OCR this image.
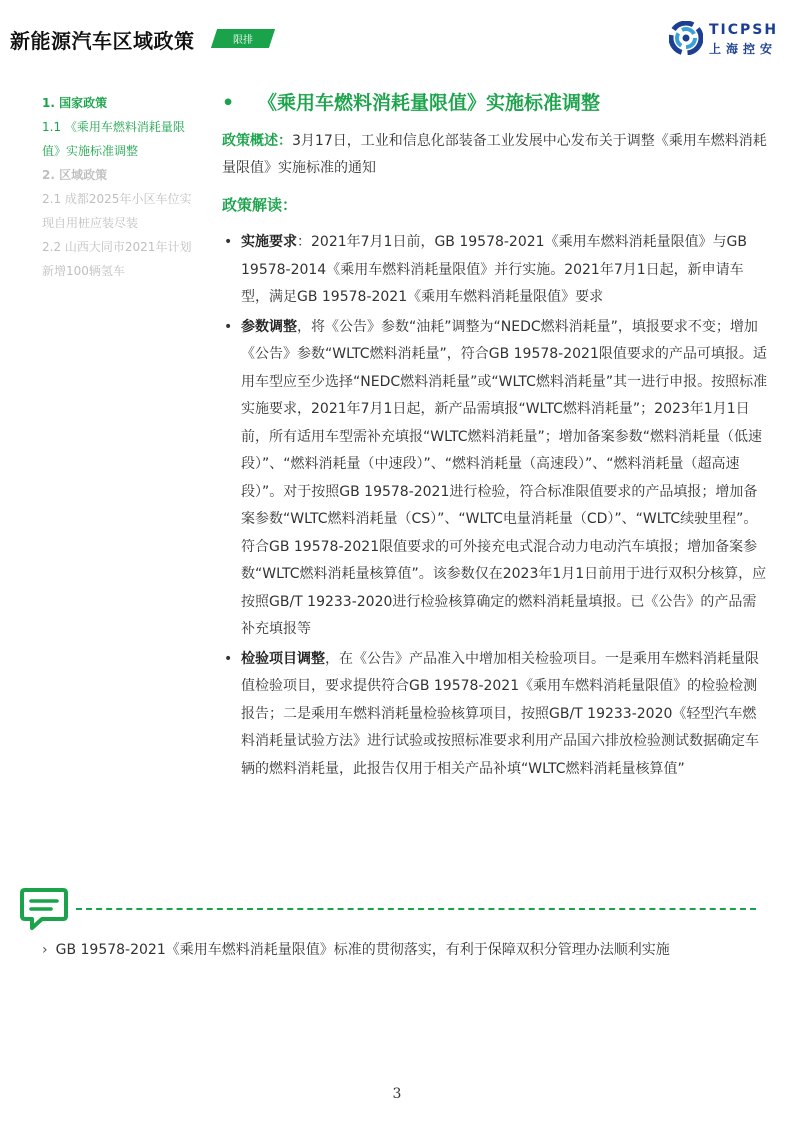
新能源汽车区域政策	限排
TICPSH
上海控安
1. 国家政策
1.1 《乘用车燃料消耗量限值》实施标准调整
2. 区域政策
2.1 成都2025年小区车位实现自用桩应装尽装
2.2 山西大同市2021年计划新增100辆氢车
• 《乘用车燃料消耗量限值》实施标准调整
政策概述：3月17日，工业和信息化部装备工业发展中心发布关于调整《乘用车燃料消耗量限值》实施标准的通知
政策解读：
• 实施要求：2021年7月1日前，GB 19578-2021《乘用车燃料消耗量限值》与GB 19578-2014《乘用车燃料消耗量限值》并行实施。2021年7月1日起，新申请车型，满足GB 19578-2021《乘用车燃料消耗量限值》要求
• 参数调整，将《公告》参数“油耗”调整为“NEDC燃料消耗量”，填报要求不变；增加《公告》参数“WLTC燃料消耗量”，符合GB 19578-2021限值要求的产品可填报。适用车型应至少选择“NEDC燃料消耗量”或“WLTC燃料消耗量”其一进行申报。按照标准实施要求，2021年7月1日起，新产品需填报“WLTC燃料消耗量”；2023年1月1日前，所有适用车型需补充填报“WLTC燃料消耗量”；增加备案参数“燃料消耗量（低速段）”、“燃料消耗量（中速段）”、“燃料消耗量（高速段）”、“燃料消耗量（超高速段）”。对于按照GB 19578-2021进行检验，符合标准限值要求的产品填报；增加备案参数“WLTC燃料消耗量（CS）”、“WLTC电量消耗量（CD）”、“WLTC续驶里程”。符合GB 19578-2021限值要求的可外接充电式混合动力电动汽车填报；增加备案参数“WLTC燃料消耗量核算值”。该参数仅在2023年1月1日前用于进行双积分核算，应按照GB/T 19233-2020进行检验核算确定的燃料消耗量填报。已《公告》的产品需补充填报等
• 检验项目调整，在《公告》产品准入中增加相关检验项目。一是乘用车燃料消耗量限值检验项目，要求提供符合GB 19578-2021《乘用车燃料消耗量限值》的检验检测报告；二是乘用车燃料消耗量检验核算项目，按照GB/T 19233-2020《轻型汽车燃料消耗量试验方法》进行试验或按照标准要求利用产品国六排放检验测试数据确定车辆的燃料消耗量，此报告仅用于相关产品补填“WLTC燃料消耗量核算值”
› GB 19578-2021《乘用车燃料消耗量限值》标准的贯彻落实，有利于保障双积分管理办法顺利实施
3
